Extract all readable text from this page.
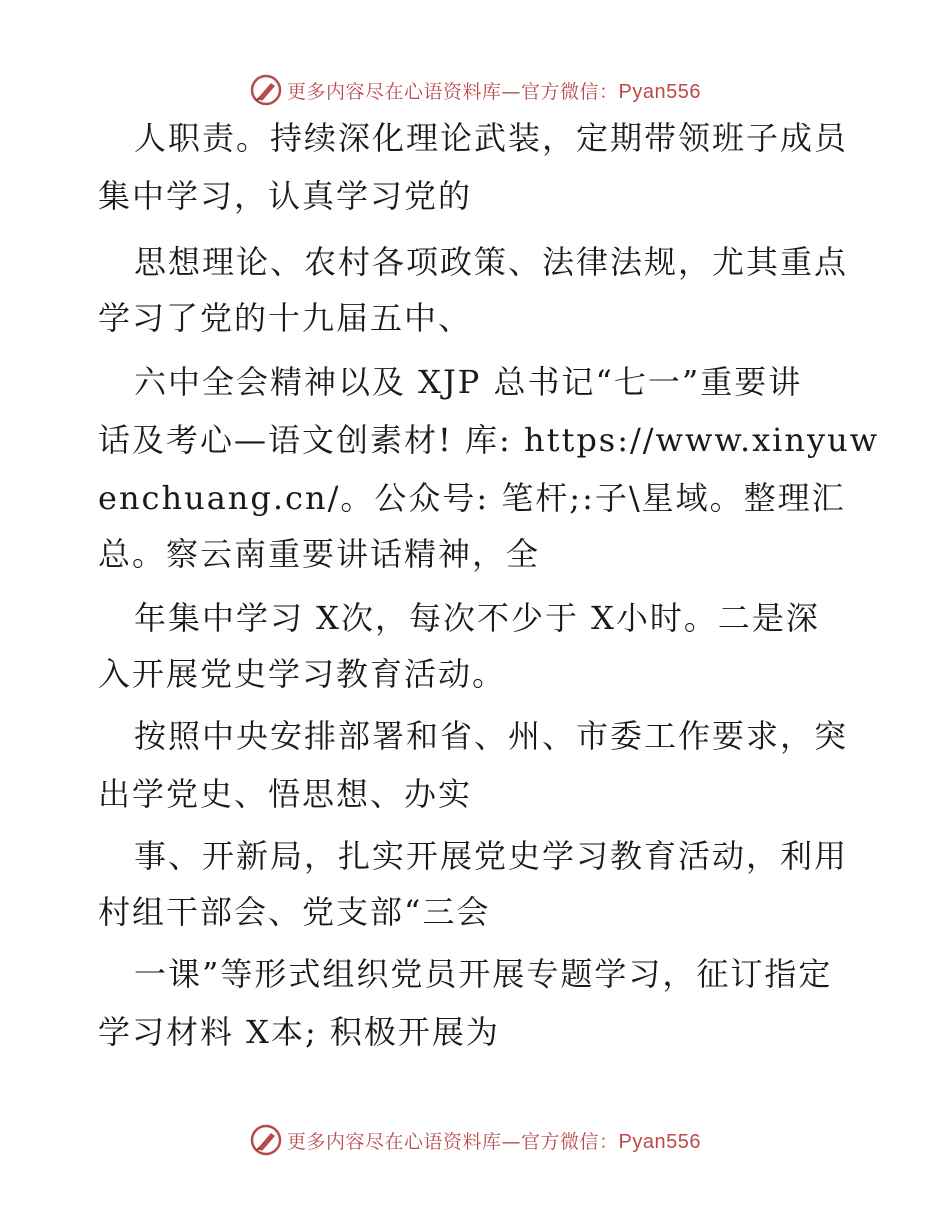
更多内容尽在心语资料库—官方微信：Pyan556
人职责。持续深化理论武装，定期带领班子成员
集中学习，认真学习党的
思想理论、农村各项政策、法律法规，尤其重点
学习了党的十九届五中、
六中全会精神以及 XJP 总书记“七一”重要讲
话及考心—语文创素材! 库: https://www.xinyuw
enchuang.cn/。公众号: 笔杆;:子\星域。整理汇
总。察云南重要讲话精神，全
年集中学习 X次，每次不少于 X小时。二是深
入开展党史学习教育活动。
按照中央安排部署和省、州、市委工作要求，突
出学党史、悟思想、办实
事、开新局，扎实开展党史学习教育活动，利用
村组干部会、党支部“三会
一课”等形式组织党员开展专题学习，征订指定
学习材料 X本; 积极开展为
更多内容尽在心语资料库—官方微信：Pyan556
